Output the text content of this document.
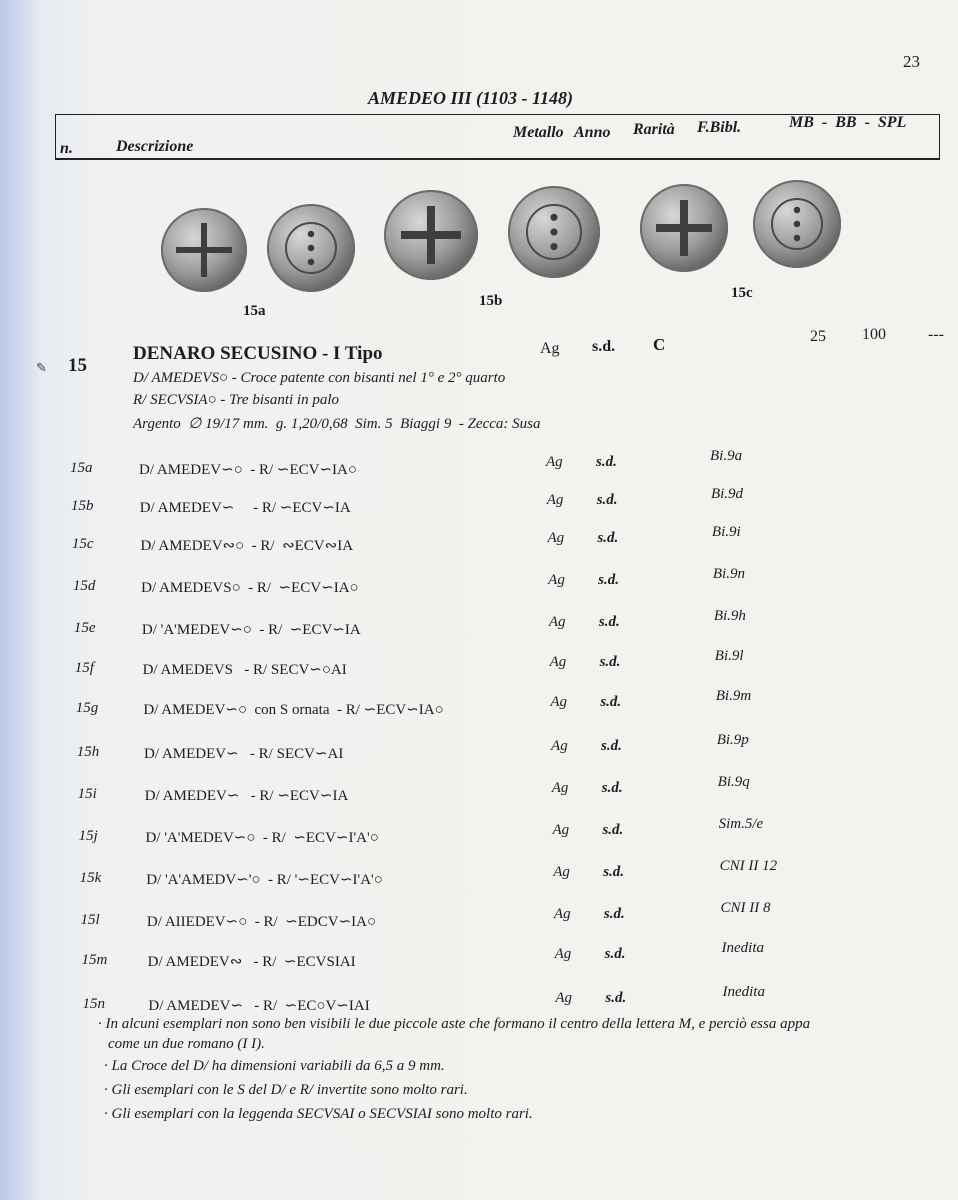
23
AMEDEO III (1103 - 1148)
n.	Descrizione
Metallo Anno Rarità F.Bibl.	MB  -  BB  -  SPL
15a
15b	15c
✎ 15
DENARO SECUSINO - I Tipo	Ag s.d. C	25 100	---
D/ AMEDEVS○ - Croce patente con bisanti nel 1° e 2° quarto
R/ SECVSIA○ - Tre bisanti in palo
Argento  ∅ 19/17 mm.  g. 1,20/0,68  Sim. 5  Biaggi 9  - Zecca: Susa
15a	D/ AMEDEV∽○  - R/ ∽ECV∽IA○	Ag s.d.	Bi.9a
15b	D/ AMEDEV∽     - R/ ∽ECV∽IA	Ag s.d.	Bi.9d
15c	D/ AMEDEV∾○  - R/  ∾ECV∾IA	Ag s.d.	Bi.9i
15d	D/ AMEDEVS○  - R/  ∽ECV∽IA○	Ag s.d.	Bi.9n
15e	D/ 'A'MEDEV∽○  - R/  ∽ECV∽IA	Ag s.d.	Bi.9h
15f	D/ AMEDEVS   - R/ SECV∽○AI	Ag s.d.	Bi.9l
15g	D/ AMEDEV∽○  con S ornata  - R/ ∽ECV∽IA○	Ag s.d.	Bi.9m
15h	D/ AMEDEV∽   - R/ SECV∽AI	Ag s.d.	Bi.9p
15i	D/ AMEDEV∽   - R/ ∽ECV∽IA	Ag s.d.	Bi.9q
15j	D/ 'A'MEDEV∽○  - R/  ∽ECV∽I'A'○	Ag s.d.	Sim.5/e
15k	D/ 'A'AMEDV∽'○  - R/ '∽ECV∽I'A'○	Ag s.d.	CNI II 12
15l	D/ AIIEDEV∽○  - R/  ∽EDCV∽IA○	Ag s.d.	CNI II 8
15m	D/ AMEDEV∾   - R/  ∽ECVSIAI	Ag s.d.	Inedita
15n	D/ AMEDEV∽   - R/  ∽EC○V∽IAI	Ag s.d.	Inedita
· In alcuni esemplari non sono ben visibili le due piccole aste che formano il centro della lettera M, e perciò essa appa
come un due romano (I I).
· La Croce del D/ ha dimensioni variabili da 6,5 a 9 mm.
· Gli esemplari con le S del D/ e R/ invertite sono molto rari.
· Gli esemplari con la leggenda SECVSAI o SECVSIAI sono molto rari.
